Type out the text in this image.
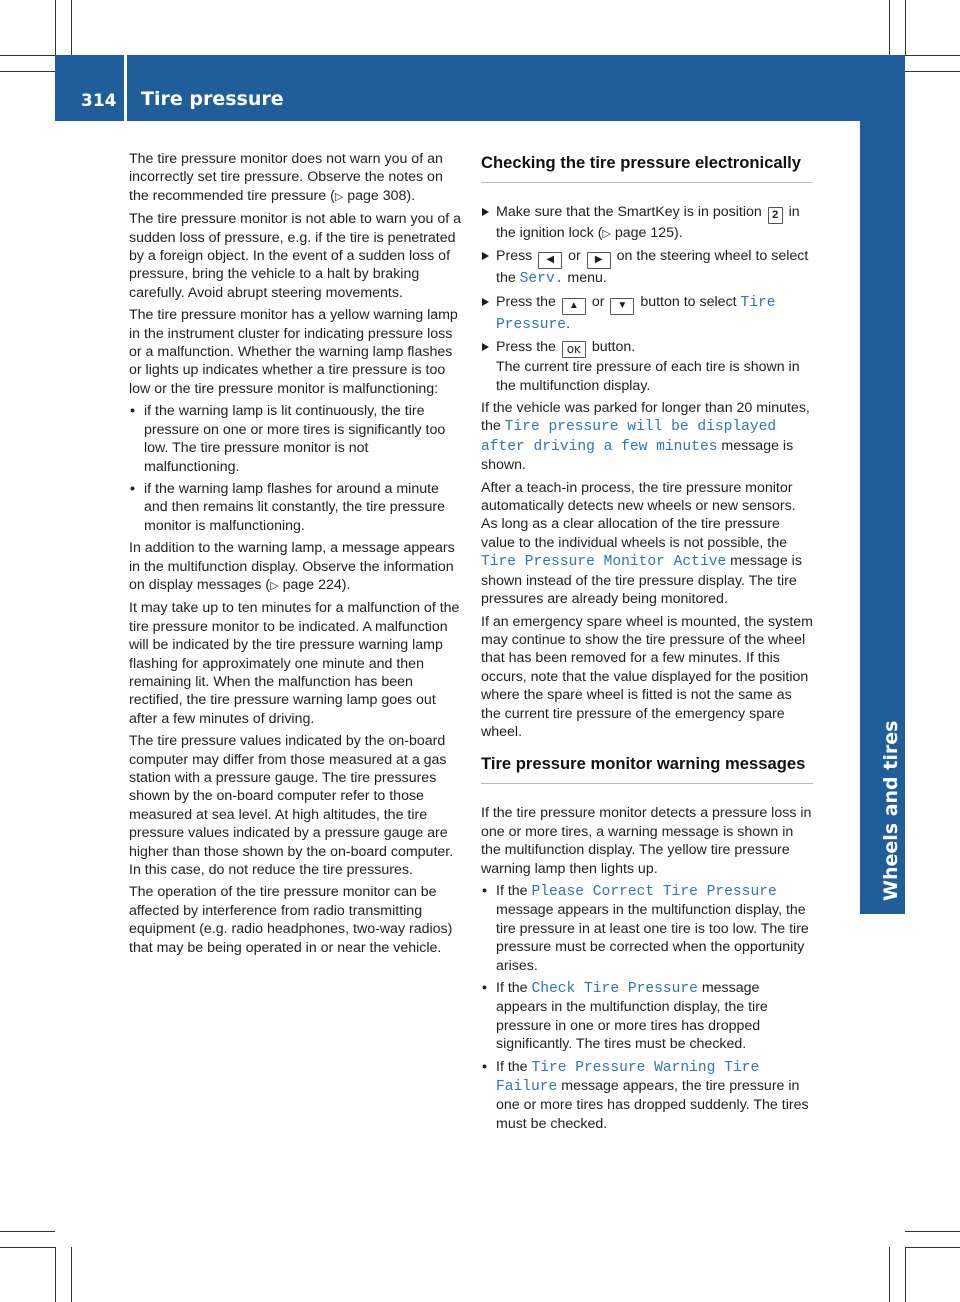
314 Tire pressure
Wheels and tires

The tire pressure monitor does not warn you of an incorrectly set tire pressure. Observe the notes on the recommended tire pressure (▷ page 308).

The tire pressure monitor is not able to warn you of a sudden loss of pressure, e.g. if the tire is penetrated by a foreign object. In the event of a sudden loss of pressure, bring the vehicle to a halt by braking carefully. Avoid abrupt steering movements.

The tire pressure monitor has a yellow warning lamp in the instrument cluster for indicating pressure loss or a malfunction. Whether the warning lamp flashes or lights up indicates whether a tire pressure is too low or the tire pressure monitor is malfunctioning:

• if the warning lamp is lit continuously, the tire pressure on one or more tires is significantly too low. The tire pressure monitor is not malfunctioning.
• if the warning lamp flashes for around a minute and then remains lit constantly, the tire pressure monitor is malfunctioning.

In addition to the warning lamp, a message appears in the multifunction display. Observe the information on display messages (▷ page 224).

It may take up to ten minutes for a malfunction of the tire pressure monitor to be indicated. A malfunction will be indicated by the tire pressure warning lamp flashing for approximately one minute and then remaining lit. When the malfunction has been rectified, the tire pressure warning lamp goes out after a few minutes of driving.

The tire pressure values indicated by the on-board computer may differ from those measured at a gas station with a pressure gauge. The tire pressures shown by the on-board computer refer to those measured at sea level. At high altitudes, the tire pressure values indicated by a pressure gauge are higher than those shown by the on-board computer. In this case, do not reduce the tire pressures.

The operation of the tire pressure monitor can be affected by interference from radio transmitting equipment (e.g. radio headphones, two-way radios) that may be being operated in or near the vehicle.

Checking the tire pressure electronically
Make sure that the SmartKey is in position 2 in the ignition lock (▷ page 125).
Press ◀ or ▶ on the steering wheel to select the Serv. menu.
Press the ▲ or ▼ button to select Tire Pressure.
Press the ᴏᴋ button.
The current tire pressure of each tire is shown in the multifunction display.

If the vehicle was parked for longer than 20 minutes, the Tire pressure will be displayed after driving a few minutes message is shown.

After a teach-in process, the tire pressure monitor automatically detects new wheels or new sensors. As long as a clear allocation of the tire pressure value to the individual wheels is not possible, the Tire Pressure Monitor Active message is shown instead of the tire pressure display. The tire pressures are already being monitored.

If an emergency spare wheel is mounted, the system may continue to show the tire pressure of the wheel that has been removed for a few minutes. If this occurs, note that the value displayed for the position where the spare wheel is fitted is not the same as the current tire pressure of the emergency spare wheel.

Tire pressure monitor warning messages

If the tire pressure monitor detects a pressure loss in one or more tires, a warning message is shown in the multifunction display. The yellow tire pressure warning lamp then lights up.

• If the Please Correct Tire Pressure message appears in the multifunction display, the tire pressure in at least one tire is too low. The tire pressure must be corrected when the opportunity arises.
• If the Check Tire Pressure message appears in the multifunction display, the tire pressure in one or more tires has dropped significantly. The tires must be checked.
• If the Tire Pressure Warning Tire Failure message appears, the tire pressure in one or more tires has dropped suddenly. The tires must be checked.
